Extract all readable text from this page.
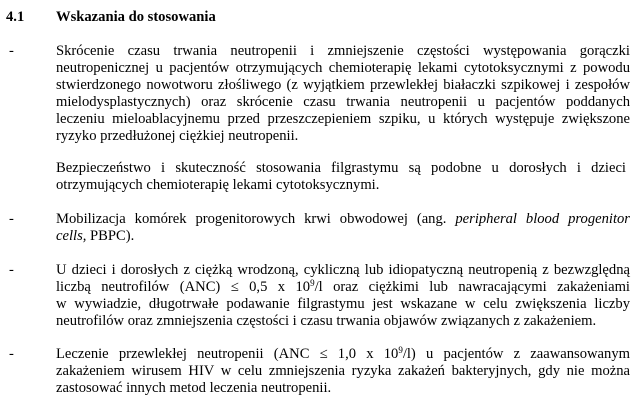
4.1 Wskazania do stosowania
-	Skrócenie czasu trwania neutropenii i zmniejszenie częstości występowania gorączki
neutropenicznej u pacjentów otrzymujących chemioterapię lekami cytotoksycznymi z powodu
stwierdzonego nowotworu złośliwego (z wyjątkiem przewlekłej białaczki szpikowej i zespołów
mielodysplastycznych) oraz skrócenie czasu trwania neutropenii u pacjentów poddanych
leczeniu mieloablacyjnemu przed przeszczepieniem szpiku, u których występuje zwiększone
ryzyko przedłużonej ciężkiej neutropenii.
Bezpieczeństwo i skuteczność stosowania filgrastymu są podobne u dorosłych i dzieci
otrzymujących chemioterapię lekami cytotoksycznymi.
-	Mobilizacja komórek progenitorowych krwi obwodowej (ang. peripheral blood progenitor
cells, PBPC).
-	U dzieci i dorosłych z ciężką wrodzoną, cykliczną lub idiopatyczną neutropenią z bezwzględną
liczbą neutrofilów (ANC) ≤ 0,5 x $10^9/l$ oraz ciężkimi lub nawracającymi zakażeniami
w wywiadzie, długotrwałe podawanie filgrastymu jest wskazane w celu zwiększenia liczby
neutrofilów oraz zmniejszenia częstości i czasu trwania objawów związanych z zakażeniem.
-	Leczenie przewlekłej neutropenii (ANC ≤ 1,0 x $10^9/l$) u pacjentów z zaawansowanym
zakażeniem wirusem HIV w celu zmniejszenia ryzyka zakażeń bakteryjnych, gdy nie można
zastosować innych metod leczenia neutropenii.
